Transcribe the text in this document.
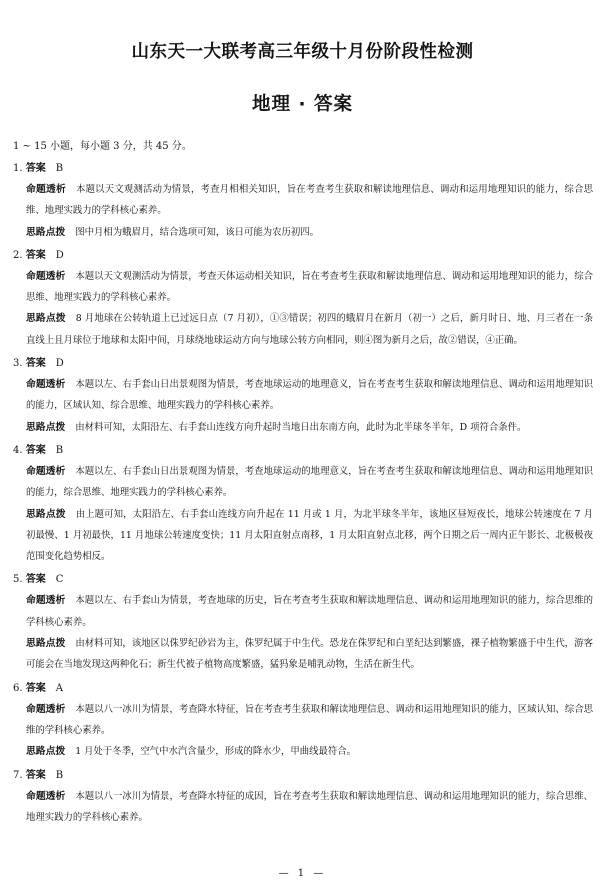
山东天一大联考高三年级十月份阶段性检测
地理 · 答案
1 ~ 15 小题，每小题 3 分，共 45 分。
1. 答案 B
命题透析 本题以天文观测活动为情景，考查月相相关知识，旨在考查考生获取和解读地理信息、调动和运用地理知识的能力，综合思维、地理实践力的学科核心素养。
思路点拨 图中月相为蛾眉月，结合选项可知，该日可能为农历初四。
2. 答案 D
命题透析 本题以天文观测活动为情景，考查天体运动相关知识，旨在考查考生获取和解读地理信息、调动和运用地理知识的能力，综合思维、地理实践力的学科核心素养。
思路点拨 8 月地球在公转轨道上已过远日点（7 月初），①③错误；初四的蛾眉月在新月（初一）之后，新月时日、地、月三者在一条直线上且月球位于地球和太阳中间，月球绕地球运动方向与地球公转方向相同，则④图为新月之后，故②错误，④正确。
3. 答案 D
命题透析 本题以左、右手套山日出景观图为情景，考查地球运动的地理意义，旨在考查考生获取和解读地理信息、调动和运用地理知识的能力，区域认知、综合思维、地理实践力的学科核心素养。
思路点拨 由材料可知，太阳沿左、右手套山连线方向升起时当地日出东南方向，此时为北半球冬半年，D 项符合条件。
4. 答案 B
命题透析 本题以左、右手套山日出景观图为情景，考查地球运动的地理意义，旨在考查考生获取和解读地理信息、调动和运用地理知识的能力，综合思维、地理实践力的学科核心素养。
思路点拨 由上题可知，太阳沿左、右手套山连线方向升起在 11 月或 1 月，为北半球冬半年，该地区昼短夜长，地球公转速度在 7 月初最慢、1 月初最快，11 月地球公转速度变快；11 月太阳直射点南移，1 月太阳直射点北移，两个日期之后一周内正午影长、北极极夜范围变化趋势相反。
5. 答案 C
命题透析 本题以左、右手套山为情景，考查地球的历史，旨在考查考生获取和解读地理信息、调动和运用地理知识的能力，综合思维的学科核心素养。
思路点拨 由材料可知，该地区以侏罗纪砂岩为主，侏罗纪属于中生代。恐龙在侏罗纪和白垩纪达到繁盛，裸子植物繁盛于中生代，游客可能会在当地发现这两种化石；新生代被子植物高度繁盛，猛犸象是哺乳动物，生活在新生代。
6. 答案 A
命题透析 本题以八一冰川为情景，考查降水特征，旨在考查考生获取和解读地理信息、调动和运用地理知识的能力，区域认知、综合思维的学科核心素养。
思路点拨 1 月处于冬季，空气中水汽含量少，形成的降水少，甲曲线最符合。
7. 答案 B
命题透析 本题以八一冰川为情景，考查降水特征的成因，旨在考查考生获取和解读地理信息、调动和运用地理知识的能力，综合思维、地理实践力的学科核心素养。
— 1 —
